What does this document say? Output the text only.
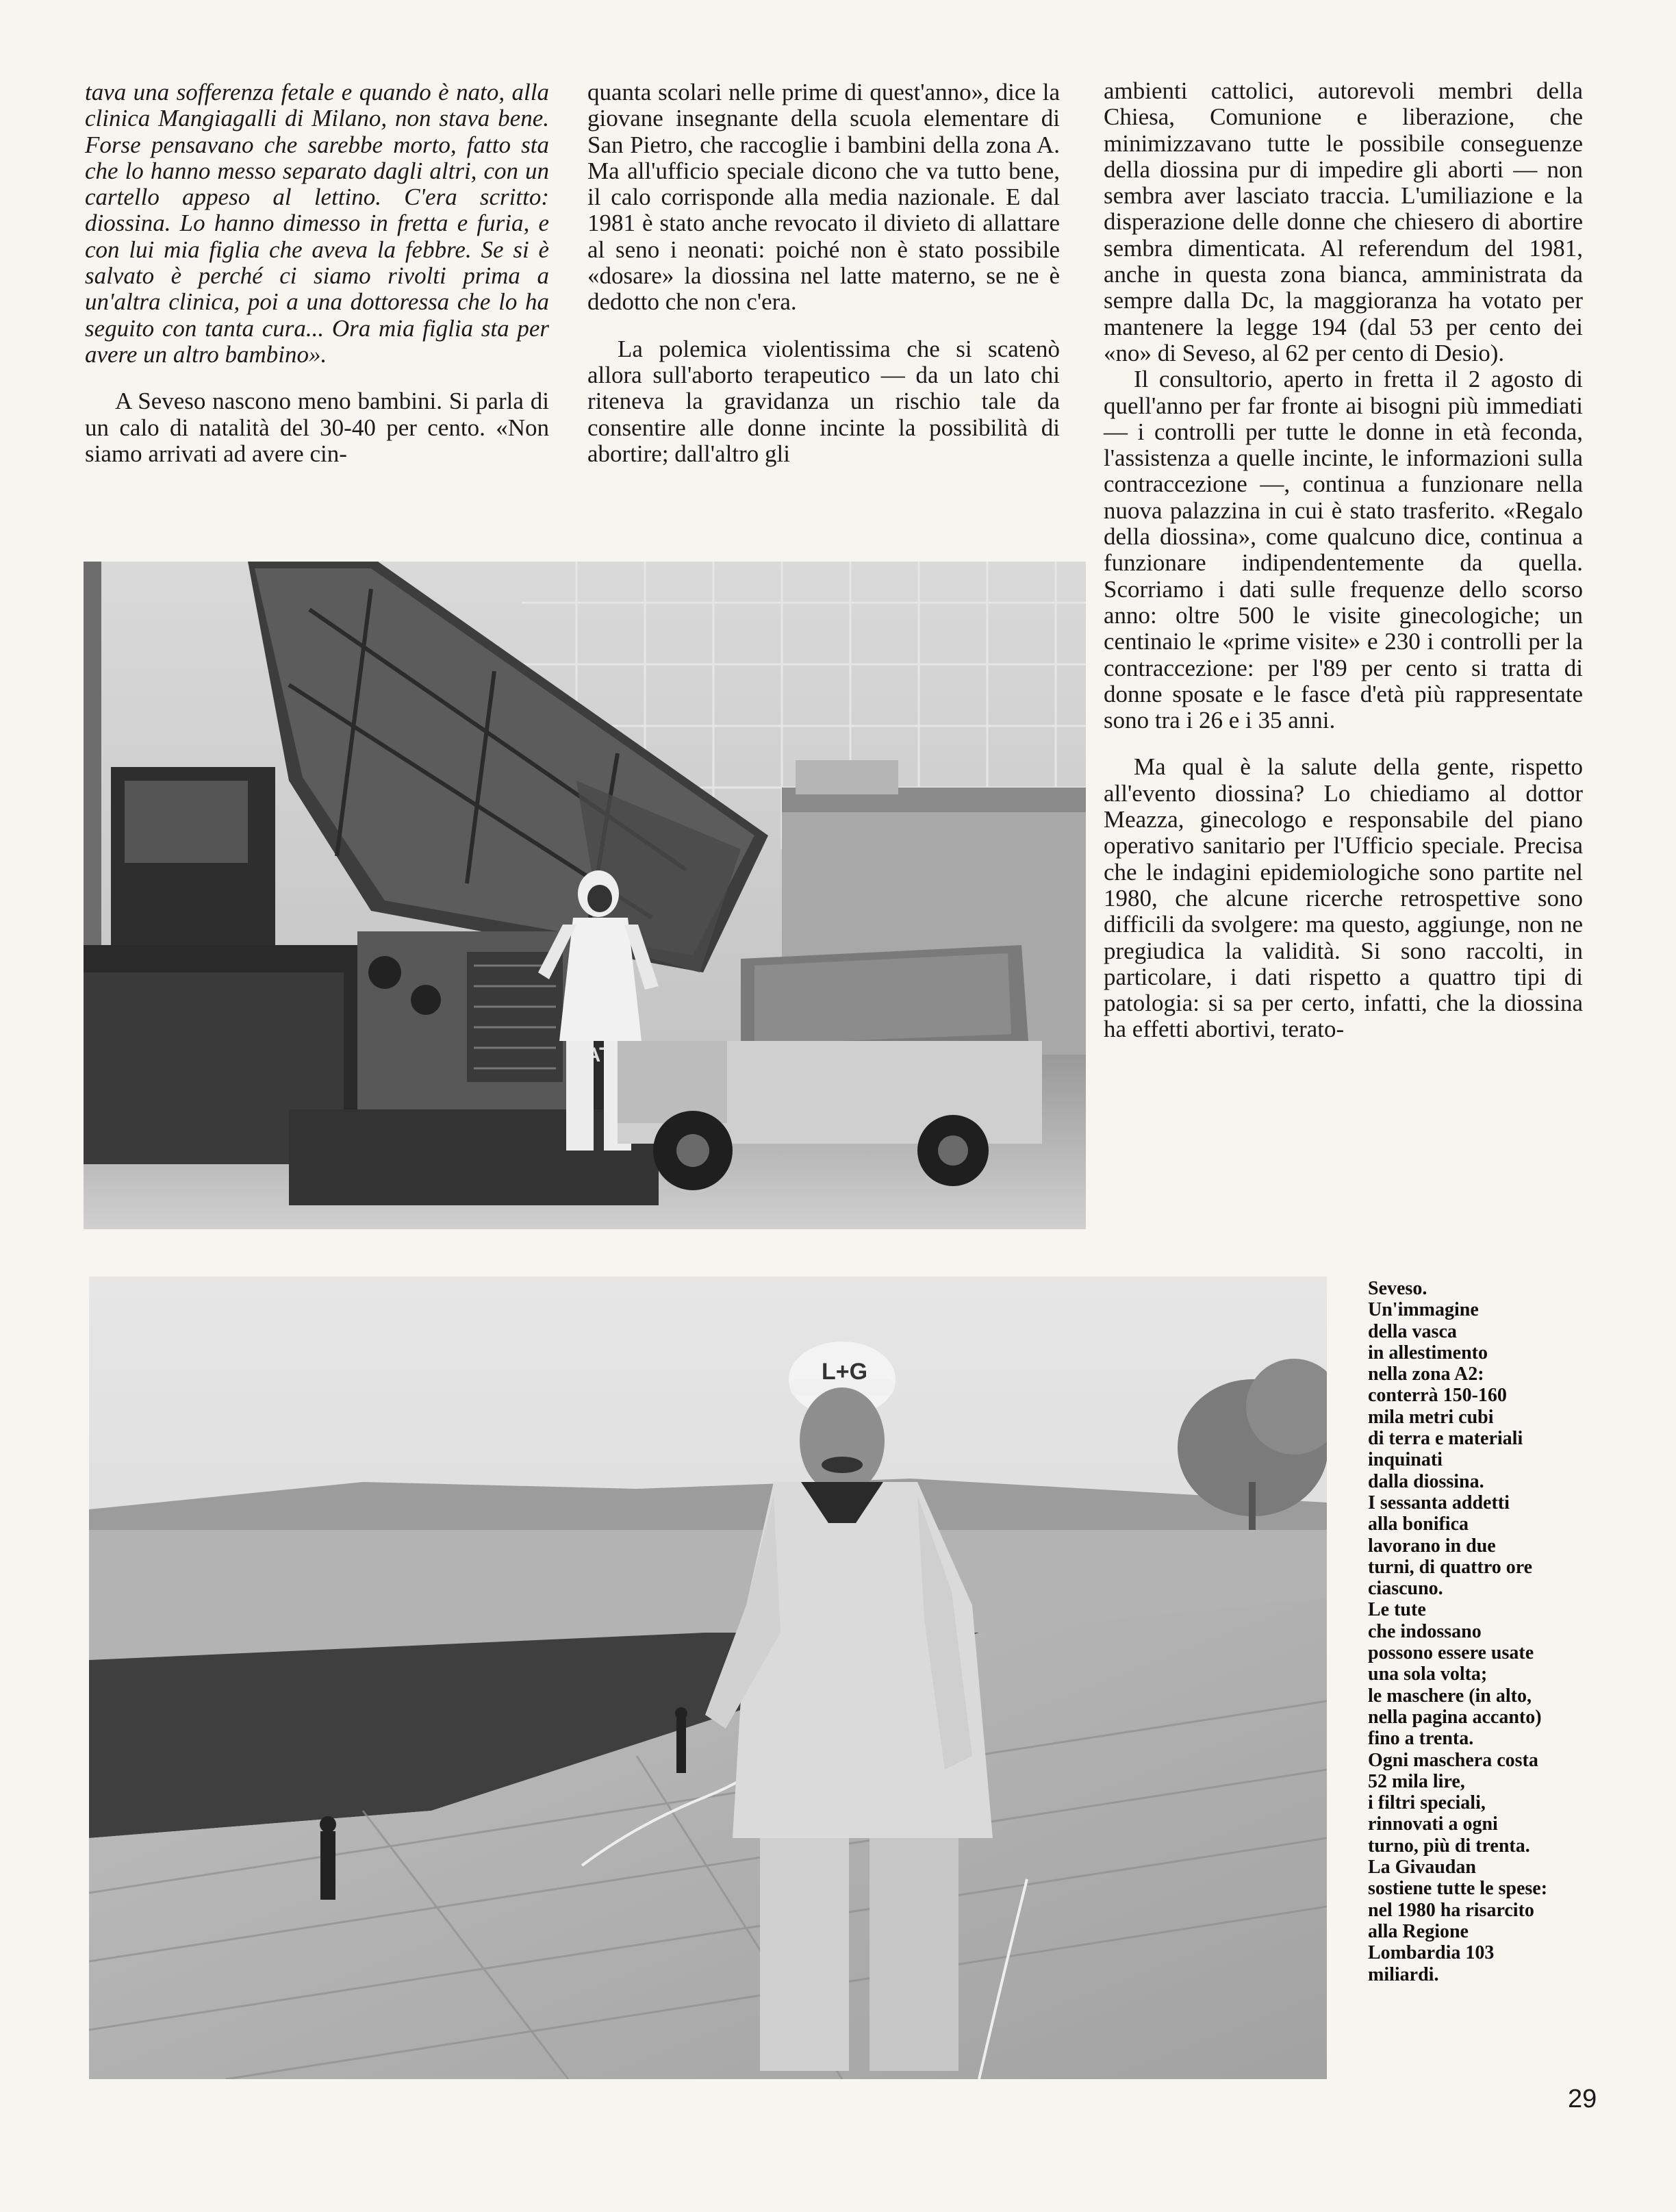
tava una sofferenza fetale e quando è nato, alla clinica Mangiagalli di Milano, non stava bene. Forse pensavano che sarebbe morto, fatto sta che lo hanno messo separato dagli altri, con un cartello appeso al lettino. C'era scritto: diossina. Lo hanno dimesso in fretta e furia, e con lui mia figlia che aveva la febbre. Se si è salvato è perché ci siamo rivolti prima a un'altra clinica, poi a una dottoressa che lo ha seguito con tanta cura... Ora mia figlia sta per avere un altro bambino».

A Seveso nascono meno bambini. Si parla di un calo di natalità del 30-40 per cento. «Non siamo arrivati ad avere cin-

quanta scolari nelle prime di quest'anno», dice la giovane insegnante della scuola elementare di San Pietro, che raccoglie i bambini della zona A. Ma all'ufficio speciale dicono che va tutto bene, il calo corrisponde alla media nazionale. E dal 1981 è stato anche revocato il divieto di allattare al seno i neonati: poiché non è stato possibile «dosare» la diossina nel latte materno, se ne è dedotto che non c'era.

La polemica violentissima che si scatenò allora sull'aborto terapeutico — da un lato chi riteneva la gravidanza un rischio tale da consentire alle donne incinte la possibilità di abortire; dall'altro gli

ambienti cattolici, autorevoli membri della Chiesa, Comunione e liberazione, che minimizzavano tutte le possibile conseguenze della diossina pur di impedire gli aborti — non sembra aver lasciato traccia. L'umiliazione e la disperazione delle donne che chiesero di abortire sembra dimenticata. Al referendum del 1981, anche in questa zona bianca, amministrata da sempre dalla Dc, la maggioranza ha votato per mantenere la legge 194 (dal 53 per cento dei «no» di Seveso, al 62 per cento di Desio).

Il consultorio, aperto in fretta il 2 agosto di quell'anno per far fronte ai bisogni più immediati — i controlli per tutte le donne in età feconda, l'assistenza a quelle incinte, le informazioni sulla contraccezione —, continua a funzionare nella nuova palazzina in cui è stato trasferito. «Regalo della diossina», come qualcuno dice, continua a funzionare indipendentemente da quella. Scorriamo i dati sulle frequenze dello scorso anno: oltre 500 le visite ginecologiche; un centinaio le «prime visite» e 230 i controlli per la contraccezione: per l'89 per cento si tratta di donne sposate e le fasce d'età più rappresentate sono tra i 26 e i 35 anni.

Ma qual è la salute della gente, rispetto all'evento diossina? Lo chiediamo al dottor Meazza, ginecologo e responsabile del piano operativo sanitario per l'Ufficio speciale. Precisa che le indagini epidemiologiche sono partite nel 1980, che alcune ricerche retrospettive sono difficili da svolgere: ma questo, aggiunge, non ne pregiudica la validità. Si sono raccolti, in particolare, i dati rispetto a quattro tipi di patologia: si sa per certo, infatti, che la diossina ha effetti abortivi, terato-

L+G
Seveso.
Un'immagine
della vasca
in allestimento
nella zona A2:
conterrà 150-160
mila metri cubi
di terra e materiali
inquinati
dalla diossina.
I sessanta addetti
alla bonifica
lavorano in due
turni, di quattro ore
ciascuno.
Le tute
che indossano
possono essere usate
una sola volta;
le maschere (in alto,
nella pagina accanto)
fino a trenta.
Ogni maschera costa
52 mila lire,
i filtri speciali,
rinnovati a ogni
turno, più di trenta.
La Givaudan
sostiene tutte le spese:
nel 1980 ha risarcito
alla Regione
Lombardia 103
miliardi.
29
